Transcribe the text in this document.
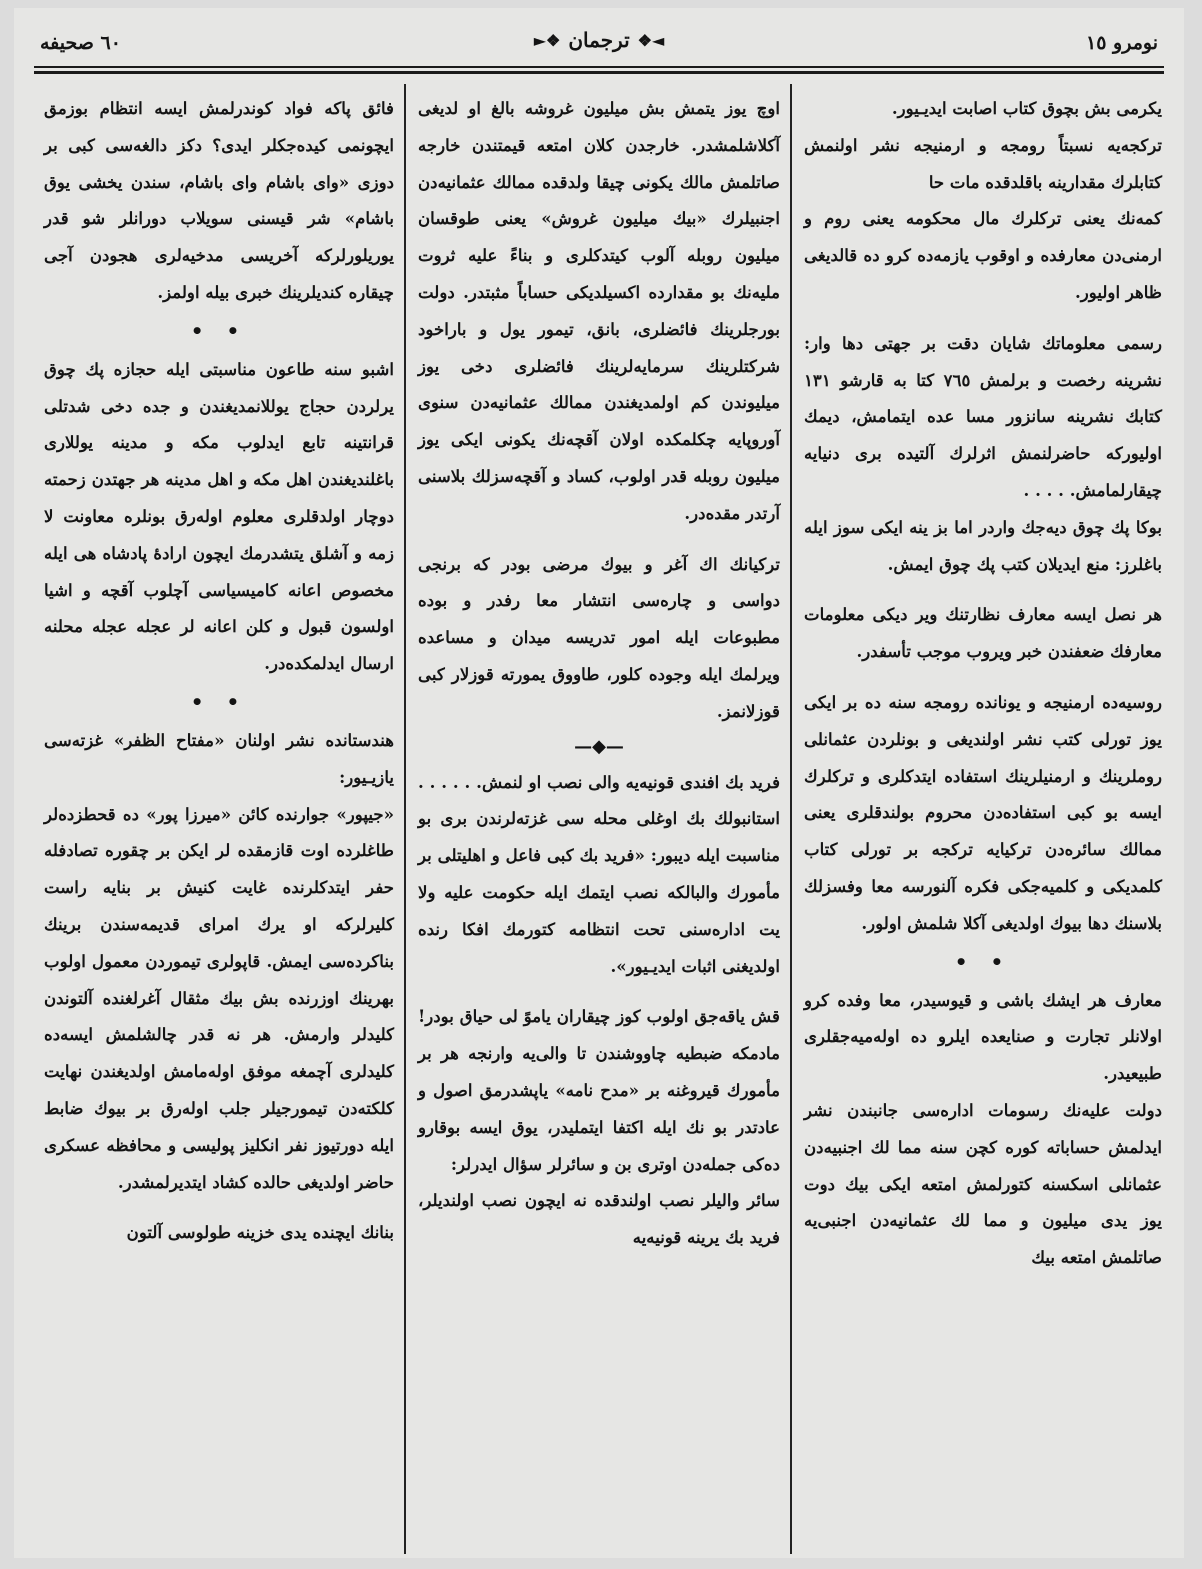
نومرو ١٥
◄❖
ترجمان
❖►
٦٠ صحيفه

يكرمى بش بچوق كتاب اصابت ايديـيور.

تركجه‌يه نسبتاً رومجه و ارمنيجه نشر اولنمش كتابلرك مقدارينه باقلدقده مات حا

كمه‌نك يعنى تركلرك مال محكومه يعنى روم و ارمنى‌دن معارفده و اوقوب يازمه‌ده كرو ده قالديغى ظاهر اوليور.

رسمى معلوماتك شايان دقت بر جهتى دها وار: نشرينه رخصت و برلمش ٧٦٥ كتا به قارشو ١٣١ كتابك نشرينه سانزور مسا عده ايتمامش، ديمك اوليوركه حاضرلنمش اثرلرك آلتيده برى دنيايه چيقارلمامش. . . . .

بوكا پك چوق ديه‌جك واردر اما بز ينه ايكى سوز ايله باغلرز: منع ايديلان كتب پك چوق ايمش.

هر نصل ايسه معارف نظارتنك وير ديكى معلومات معارفك ضعفندن خبر ويروب موجب تأسفدر.

روسيه‌ده ارمنيجه و يونانده رومجه سنه ده بر ايكى يوز تورلى كتب نشر اولنديغى و بونلردن عثمانلى روملرينك و ارمنيلرينك استفاده ايتدكلرى و تركلرك ايسه بو كبى استفاده‌دن محروم بولندقلرى يعنى ممالك سائره‌دن تركيايه تركجه بر تورلى كتاب كلمديكى و كلميه‌جكى فكره آلنورسه معا وفسزلك بلاسنك دها بيوك اولديغى آكلا شلمش اولور.

• •

معارف هر ايشك باشى و قيوسيدر، معا وفده كرو اولانلر تجارت و صنايعده ايلرو ده اوله‌ميه‌جقلرى طبيعيدر.

دولت عليه‌نك رسومات اداره‌سى جانبندن نشر ايدلمش حساباته كوره كچن سنه مما لك اجنبيه‌دن عثمانلى اسكسنه كتورلمش امتعه ايكى بيك دوت يوز يدى ميليون و مما لك عثمانيه‌دن اجنبى‌يه صاتلمش امتعه بيك

اوچ يوز يتمش بش ميليون غروشه بالغ او لديغى آكلاشلمشدر. خارجدن كلان امتعه قيمتندن خارجه صاتلمش مالك يكونى چيقا ولدقده ممالك عثمانيه‌دن اجنبيلرك «بيك ميليون غروش» يعنى طوقسان ميليون روبله آلوب كيتدكلرى و بناءً عليه ثروت مليه‌نك بو مقدارده اكسيلديكى حساباً مثبتدر. دولت بورجلرينك فائضلرى، بانق، تيمور يول و باراخود شركتلرينك سرمايه‌لرينك فائضلرى دخى يوز ميليوندن كم اولمديغندن ممالك عثمانيه‌دن سنوى آوروپايه چكلمكده اولان آقچه‌نك يكونى ايكى يوز ميليون روبله قدر اولوب، كساد و آقچه‌سزلك بلاسنى آرتدر مقده‌در.

تركيانك اك آغر و بيوك مرضى بودر كه برنجى دواسى و چاره‌سى انتشار معا رفدر و بوده مطبوعات ايله امور تدريسه ميدان و مساعده ويرلمك ايله وجوده كلور، طاووق يمورته قوزلار كبى قوزلانمز.

—◆—

فريد بك افندى قونيه‌يه والى نصب او لنمش. . . . . . استانبولك بك اوغلى محله سى غزته‌لرندن برى بو مناسبت ايله ديبور: «فريد بك كبى فاعل و اهليتلى بر مأمورك والبالكه نصب ايتمك ايله حكومت عليه ولا يت اداره‌سنى تحت انتظامه كتورمك افكا رنده اولديغنى اثبات ايديـيور».

قش ياقه‌جق اولوب كوز چيقاران ياموً لى حياق بودر! مادمكه ضبطيه چاووشندن تا والى‌يه وارنجه هر بر مأمورك قيروغنه بر «مدح نامه» ياپشدرمق اصول و عادتدر بو نك ايله اكتفا ايتمليدر، يوق ايسه بوقارو ده‌كى جمله‌دن اوترى بن و سائرلر سؤال ايدرلر:

سائر واليلر نصب اولندقده نه ايچون نصب اولنديلر، فريد بك يرينه قونيه‌يه

فائق پاكه فواد كوندرلمش ايسه انتظام بوزمق ايچونمى كيده‌جكلر ايدى؟ دكز دالغه‌سى كبى بر دوزى «واى باشام واى باشام، سندن يخشى يوق باشام» شر قيسنى سويلاب دورانلر شو قدر يوريلورلركه آخريسى مدخيه‌لرى هجودن آجى چيقاره كنديلرينك خبرى بيله اولمز.

• •

اشبو سنه طاعون مناسبتى ايله حجازه پك چوق يرلردن حجاج يوللانمديغندن و جده دخى شدتلى قرانتينه تابع ايدلوب مكه و مدينه يوللارى باغلنديغندن اهل مكه و اهل مدينه هر جهتدن زحمته دوچار اولدقلرى معلوم اوله‌رق بونلره معاونت لا زمه و آشلق يتشدرمك ايچون ارادهٔ پادشاه هى ايله مخصوص اعانه كاميسياسى آچلوب آقچه و اشيا اولسون قبول و كلن اعانه لر عجله عجله محلنه ارسال ايدلمكده‌در.

• •

هندستانده نشر اولنان «مفتاح الظفر» غزته‌سى يازيـيور:

«جيپور» جوارنده كائن «ميرزا پور» ده قحطزده‌لر طاغلرده اوت قازمقده لر ايكن بر چقوره تصادفله حفر ايتدكلرنده غايت كنيش بر بنايه راست كليرلركه او يرك امراى قديمه‌سندن برينك بناكرده‌سى ايمش. قاپولرى تيموردن معمول اولوب بهرينك اوزرنده بش بيك مثقال آغرلغنده آلتوندن كليدلر وارمش. هر نه قدر چالشلمش ايسه‌ده كليدلرى آچمغه موفق اوله‌مامش اولديغندن نهايت كلكته‌دن تيمورجيلر جلب اوله‌رق بر بيوك ضابط ايله دورتيوز نفر انكليز پوليسى و محافظه عسكرى حاضر اولديغى حالده كشاد ايتديرلمشدر.

بنانك ايچنده يدى خزينه طولوسى آلتون
